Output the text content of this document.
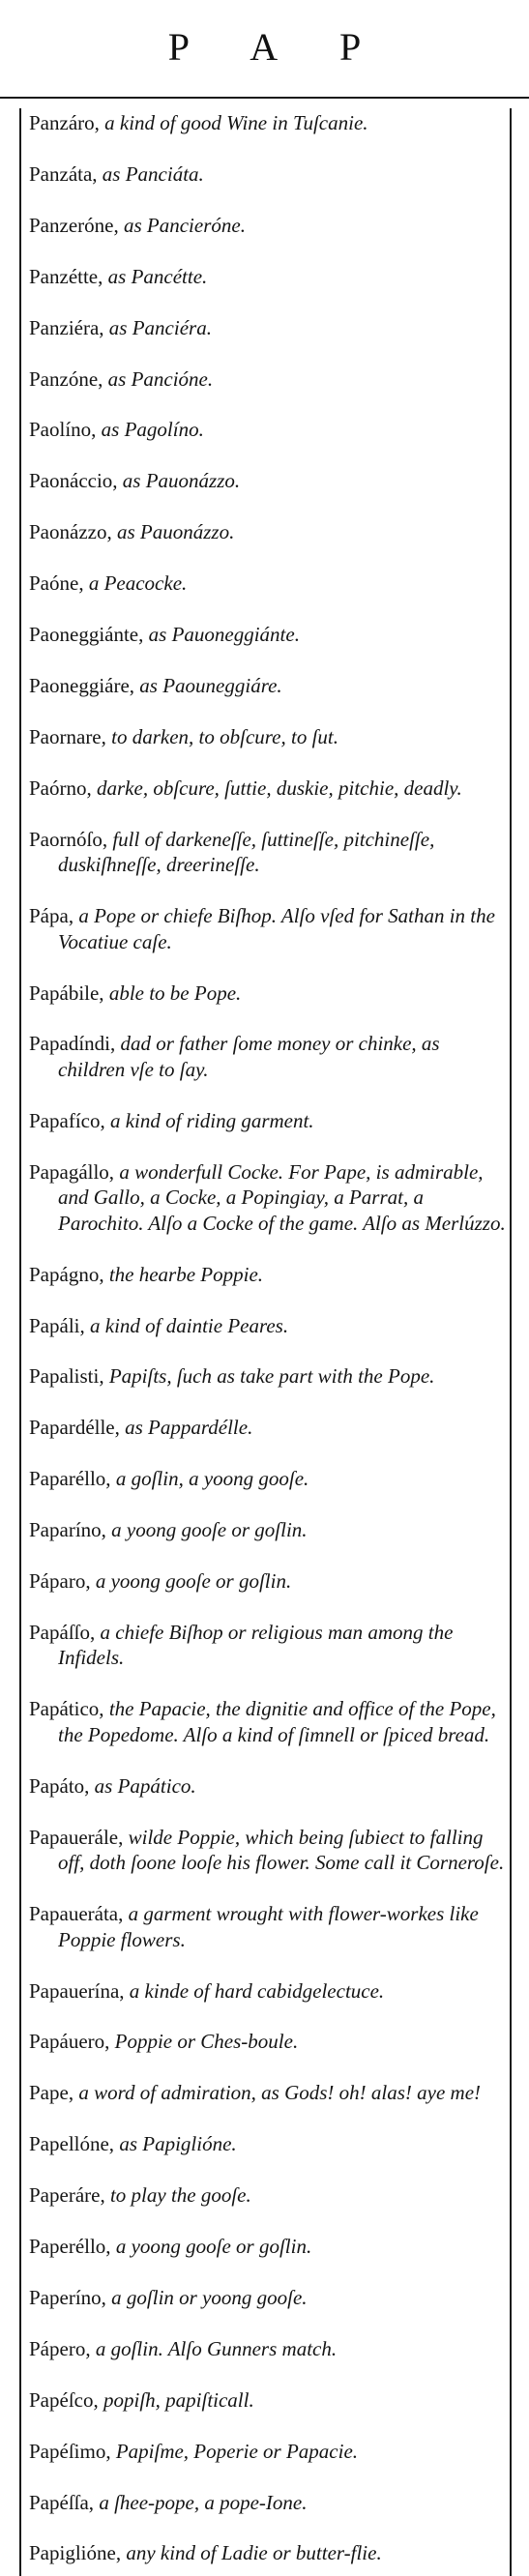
P A P

Panzáro, a kind of good Wine in Tuſcanie.

Panzáta, as Panciáta.

Panzeróne, as Pancieróne.

Panzétte, as Pancétte.

Panziéra, as Panciéra.

Panzóne, as Pancióne.

Paolíno, as Pagolíno.

Paonáccio, as Pauonázzo.

Paonázzo, as Pauonázzo.

Paóne, a Peacocke.

Paoneggiánte, as Pauoneggiánte.

Paoneggiáre, as Paouneggiáre.

Paornare, to darken, to obſcure, to ſut.

Paórno, darke, obſcure, ſuttie, duskie, pitchie, deadly.

Paornóſo, full of darkeneſſe, ſuttineſſe, pitchineſſe, duskiſhneſſe, dreerineſſe.

Pápa, a Pope or chiefe Biſhop. Alſo vſed for Sathan in the Vocatiue caſe.

Papábile, able to be Pope.

Papadíndi, dad or father ſome money or chinke, as children vſe to ſay.

Papafíco, a kind of riding garment.

Papagállo, a wonderfull Cocke. For Pape, is admirable, and Gallo, a Cocke, a Popingiay, a Parrat, a Parochito. Alſo a Cocke of the game. Alſo as Merlúzzo.

Papágno, the hearbe Poppie.

Papáli, a kind of daintie Peares.

Papalisti, Papiſts, ſuch as take part with the Pope.

Papardélle, as Pappardélle.

Paparéllo, a goſlin, a yoong gooſe.

Paparíno, a yoong gooſe or goſlin.

Páparo, a yoong gooſe or goſlin.

Papáſſo, a chiefe Biſhop or religious man among the Infidels.

Papático, the Papacie, the dignitie and office of the Pope, the Popedome. Alſo a kind of ſimnell or ſpiced bread.

Papáto, as Papático.

Papauerále, wilde Poppie, which being ſubiect to falling off, doth ſoone looſe his flower. Some call it Corneroſe.

Papaueráta, a garment wrought with flower-workes like Poppie flowers.

Papauerína, a kinde of hard cabidgelectuce.

Papáuero, Poppie or Ches-boule.

Pape, a word of admiration, as Gods! oh! alas! aye me!

Papellóne, as Papiglióne.

Paperáre, to play the gooſe.

Paperéllo, a yoong gooſe or goſlin.

Paperíno, a goſlin or yoong gooſe.

Pápero, a goſlin. Alſo Gunners match.

Papéſco, popiſh, papiſticall.

Papéſimo, Papiſme, Poperie or Papacie.

Papéſſa, a ſhee-pope, a pope-Ione.

Papiglióne, any kind of Ladie or butter-flie.
